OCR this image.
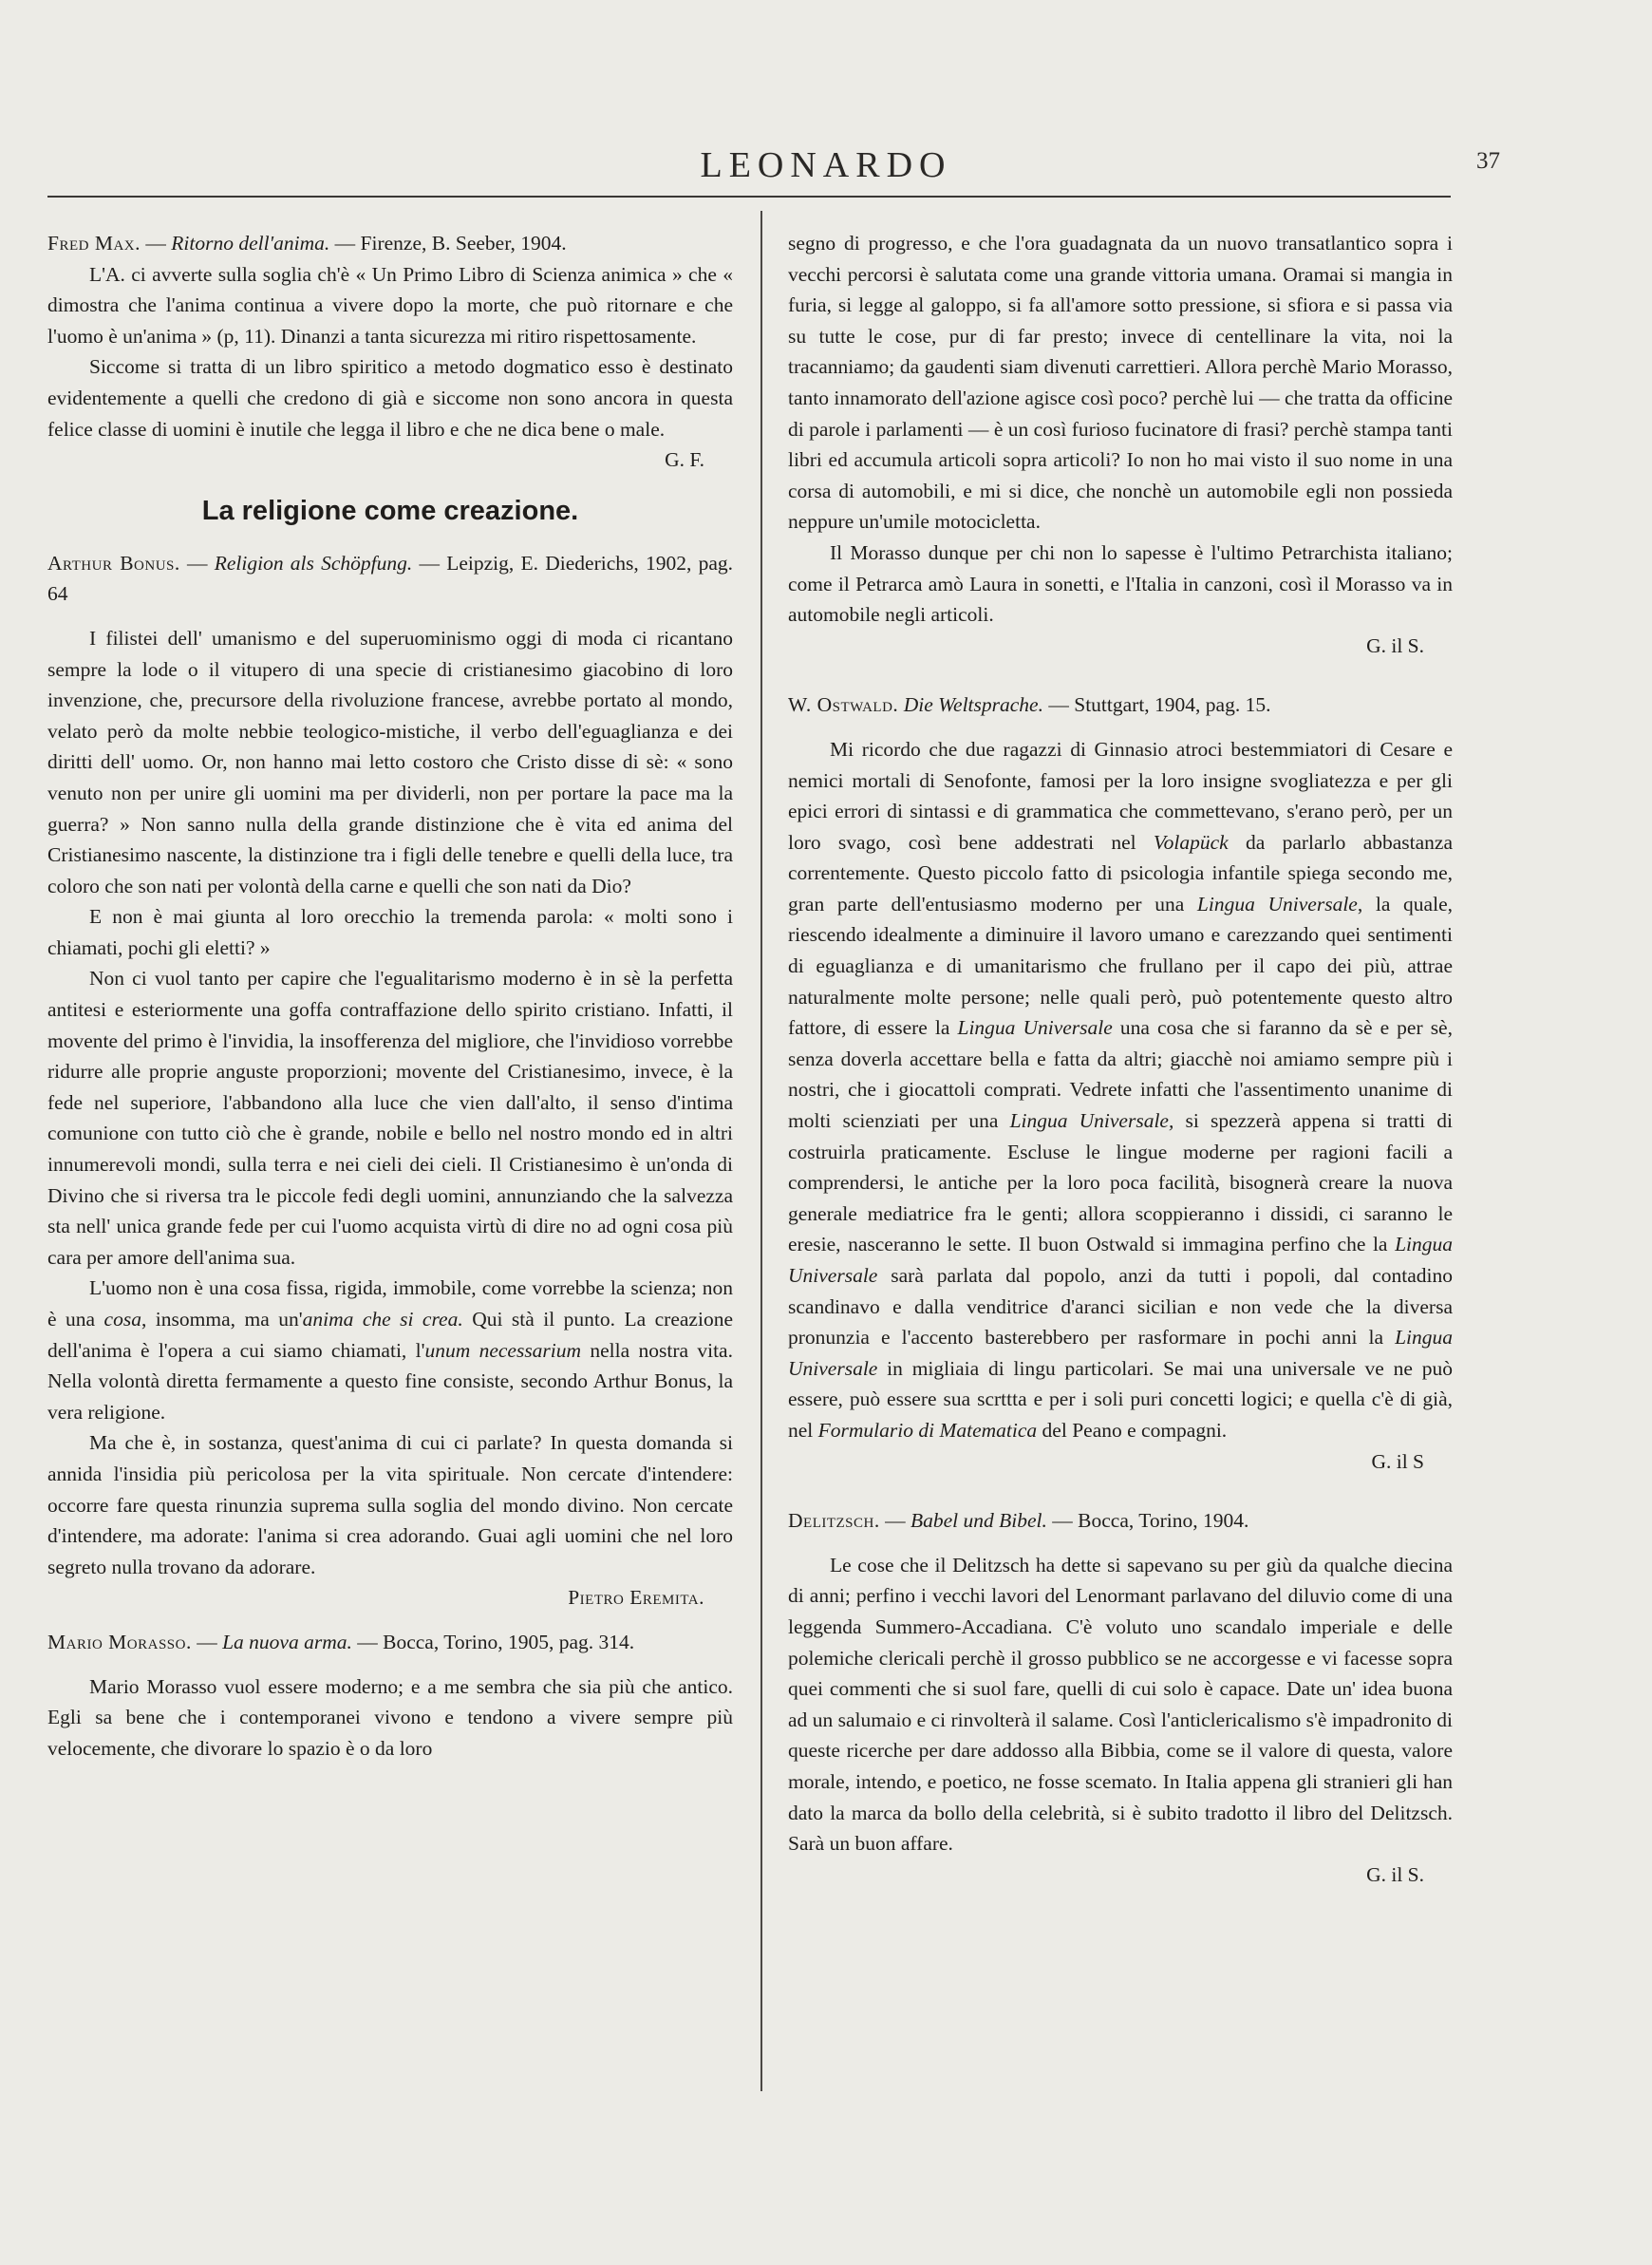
LEONARDO	37

Fred Max. — Ritorno dell'anima. — Firenze, B. Seeber, 1904.

L'A. ci avverte sulla soglia ch'è « Un Primo Libro di Scienza animica » che « dimostra che l'anima continua a vivere dopo la morte, che può ritornare e che l'uomo è un'anima » (p, 11). Dinanzi a tanta sicurezza mi ritiro rispettosamente.

Siccome si tratta di un libro spiritico a metodo dogmatico esso è destinato evidentemente a quelli che credono di già e siccome non sono ancora in questa felice classe di uomini è inutile che legga il libro e che ne dica bene o male.

G. F.
La religione come creazione.

Arthur Bonus. — Religion als Schöpfung. — Leipzig, E. Diederichs, 1902, pag. 64

I filistei dell' umanismo e del superuominismo oggi di moda ci ricantano sempre la lode o il vitupero di una specie di cristianesimo giacobino di loro invenzione, che, precursore della rivoluzione francese, avrebbe portato al mondo, velato però da molte nebbie teologico-mistiche, il verbo dell'eguaglianza e dei diritti dell' uomo. Or, non hanno mai letto costoro che Cristo disse di sè: « sono venuto non per unire gli uomini ma per dividerli, non per portare la pace ma la guerra? » Non sanno nulla della grande distinzione che è vita ed anima del Cristianesimo nascente, la distinzione tra i figli delle tenebre e quelli della luce, tra coloro che son nati per volontà della carne e quelli che son nati da Dio?

E non è mai giunta al loro orecchio la tremenda parola: « molti sono i chiamati, pochi gli eletti? »

Non ci vuol tanto per capire che l'egualitarismo moderno è in sè la perfetta antitesi e esteriormente una goffa contraffazione dello spirito cristiano. Infatti, il movente del primo è l'invidia, la insofferenza del migliore, che l'invidioso vorrebbe ridurre alle proprie anguste proporzioni; movente del Cristianesimo, invece, è la fede nel superiore, l'abbandono alla luce che vien dall'alto, il senso d'intima comunione con tutto ciò che è grande, nobile e bello nel nostro mondo ed in altri innumerevoli mondi, sulla terra e nei cieli dei cieli. Il Cristianesimo è un'onda di Divino che si riversa tra le piccole fedi degli uomini, annunziando che la salvezza sta nell' unica grande fede per cui l'uomo acquista virtù di dire no ad ogni cosa più cara per amore dell'anima sua.

L'uomo non è una cosa fissa, rigida, immobile, come vorrebbe la scienza; non è una cosa, insomma, ma un'anima che si crea. Qui stà il punto. La creazione dell'anima è l'opera a cui siamo chiamati, l'unum necessarium nella nostra vita. Nella volontà diretta fermamente a questo fine consiste, secondo Arthur Bonus, la vera religione.

Ma che è, in sostanza, quest'anima di cui ci parlate? In questa domanda si annida l'insidia più pericolosa per la vita spirituale. Non cercate d'intendere: occorre fare questa rinunzia suprema sulla soglia del mondo divino. Non cercate d'intendere, ma adorate: l'anima si crea adorando. Guai agli uomini che nel loro segreto nulla trovano da adorare.

Pietro Eremita.

Mario Morasso. — La nuova arma. — Bocca, Torino, 1905, pag. 314.

Mario Morasso vuol essere moderno; e a me sembra che sia più che antico. Egli sa bene che i contemporanei vivono e tendono a vivere sempre più velocemente, che divorare lo spazio è o da loro

segno di progresso, e che l'ora guadagnata da un nuovo transatlantico sopra i vecchi percorsi è salutata come una grande vittoria umana. Oramai si mangia in furia, si legge al galoppo, si fa all'amore sotto pressione, si sfiora e si passa via su tutte le cose, pur di far presto; invece di centellinare la vita, noi la tracanniamo; da gaudenti siam divenuti carrettieri. Allora perchè Mario Morasso, tanto innamorato dell'azione agisce così poco? perchè lui — che tratta da officine di parole i parlamenti — è un così furioso fucinatore di frasi? perchè stampa tanti libri ed accumula articoli sopra articoli? Io non ho mai visto il suo nome in una corsa di automobili, e mi si dice, che nonchè un automobile egli non possieda neppure un'umile motocicletta.

Il Morasso dunque per chi non lo sapesse è l'ultimo Petrarchista italiano; come il Petrarca amò Laura in sonetti, e l'Italia in canzoni, così il Morasso va in automobile negli articoli.

G. il S.

W. Ostwald. Die Weltsprache. — Stuttgart, 1904, pag. 15.

Mi ricordo che due ragazzi di Ginnasio atroci bestemmiatori di Cesare e nemici mortali di Senofonte, famosi per la loro insigne svogliatezza e per gli epici errori di sintassi e di grammatica che commettevano, s'erano però, per un loro svago, così bene addestrati nel Volapück da parlarlo abbastanza correntemente. Questo piccolo fatto di psicologia infantile spiega secondo me, gran parte dell'entusiasmo moderno per una Lingua Universale, la quale, riescendo idealmente a diminuire il lavoro umano e carezzando quei sentimenti di eguaglianza e di umanitarismo che frullano per il capo dei più, attrae naturalmente molte persone; nelle quali però, può potentemente questo altro fattore, di essere la Lingua Universale una cosa che si faranno da sè e per sè, senza doverla accettare bella e fatta da altri; giacchè noi amiamo sempre più i nostri, che i giocattoli comprati. Vedrete infatti che l'assentimento unanime di molti scienziati per una Lingua Universale, si spezzerà appena si tratti di costruirla praticamente. Escluse le lingue moderne per ragioni facili a comprendersi, le antiche per la loro poca facilità, bisognerà creare la nuova generale mediatrice fra le genti; allora scoppieranno i dissidi, ci saranno le eresie, nasceranno le sette. Il buon Ostwald si immagina perfino che la Lingua Universale sarà parlata dal popolo, anzi da tutti i popoli, dal contadino scandinavo e dalla venditrice d'aranci sicilian e non vede che la diversa pronunzia e l'accento basterebbero per rasformare in pochi anni la Lingua Universale in migliaia di lingu particolari. Se mai una universale ve ne può essere, può essere sua scrttta e per i soli puri concetti logici; e quella c'è di già, nel Formulario di Matematica del Peano e compagni.

G. il S

Delitzsch. — Babel und Bibel. — Bocca, Torino, 1904.

Le cose che il Delitzsch ha dette si sapevano su per giù da qualche diecina di anni; perfino i vecchi lavori del Lenormant parlavano del diluvio come di una leggenda Summero-Accadiana. C'è voluto uno scandalo imperiale e delle polemiche clericali perchè il grosso pubblico se ne accorgesse e vi facesse sopra quei commenti che si suol fare, quelli di cui solo è capace. Date un' idea buona ad un salumaio e ci rinvolterà il salame. Così l'anticlericalismo s'è impadronito di queste ricerche per dare addosso alla Bibbia, come se il valore di questa, valore morale, intendo, e poetico, ne fosse scemato. In Italia appena gli stranieri gli han dato la marca da bollo della celebrità, si è subito tradotto il libro del Delitzsch. Sarà un buon affare.

G. il S.
